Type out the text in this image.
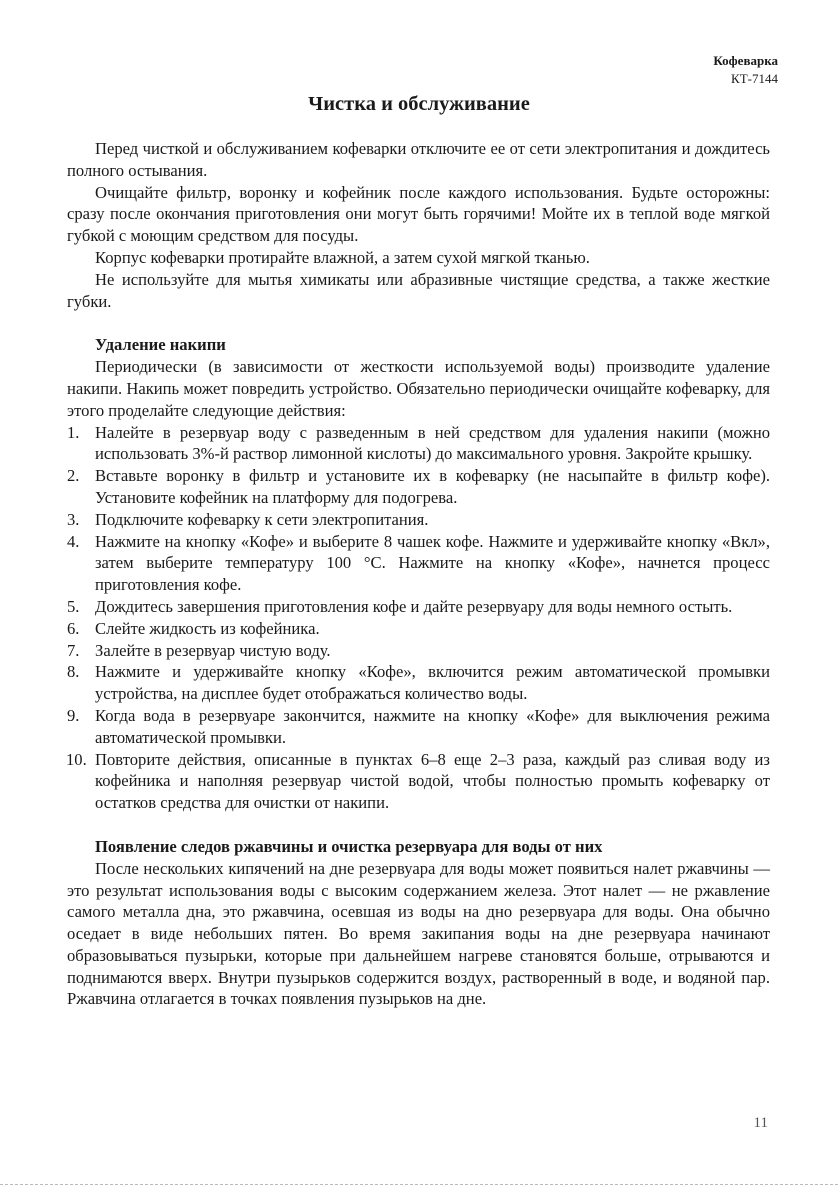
Кофеварка
КТ-7144
Чистка и обслуживание

Перед чисткой и обслуживанием кофеварки отключите ее от сети электропитания и дождитесь полного остывания.

Очищайте фильтр, воронку и кофейник после каждого использования. Будьте осторожны: сразу после окончания приготовления они могут быть горячими! Мойте их в теплой воде мягкой губкой с моющим средством для посуды.

Корпус кофеварки протирайте влажной, а затем сухой мягкой тканью.

Не используйте для мытья химикаты или абразивные чистящие средства, а также жесткие губки.

Удаление накипи

Периодически (в зависимости от жесткости используемой воды) производите удаление накипи. Накипь может повредить устройство. Обязательно периодически очищайте кофеварку, для этого проделайте следующие действия:

1. Налейте в резервуар воду с разведенным в ней средством для удаления накипи (можно использовать 3%-й раствор лимонной кислоты) до максимального уровня. Закройте крышку.
2. Вставьте воронку в фильтр и установите их в кофеварку (не насыпайте в фильтр кофе). Установите кофейник на платформу для подогрева.
3. Подключите кофеварку к сети электропитания.
4. Нажмите на кнопку «Кофе» и выберите 8 чашек кофе. Нажмите и удерживайте кнопку «Вкл», затем выберите температуру 100 °С. Нажмите на кнопку «Кофе», начнется процесс приготовления кофе.
5. Дождитесь завершения приготовления кофе и дайте резервуару для воды немного остыть.
6. Слейте жидкость из кофейника.
7. Залейте в резервуар чистую воду.
8. Нажмите и удерживайте кнопку «Кофе», включится режим автоматической промывки устройства, на дисплее будет отображаться количество воды.
9. Когда вода в резервуаре закончится, нажмите на кнопку «Кофе» для выключения режима автоматической промывки.
10. Повторите действия, описанные в пунктах 6–8 еще 2–3 раза, каждый раз сливая воду из кофейника и наполняя резервуар чистой водой, чтобы полностью промыть кофеварку от остатков средства для очистки от накипи.
Появление следов ржавчины и очистка резервуара для воды от них

После нескольких кипячений на дне резервуара для воды может появиться налет ржавчины — это результат использования воды с высоким содержанием железа. Этот налет — не ржавление самого металла дна, это ржавчина, осевшая из воды на дно резервуара для воды. Она обычно оседает в виде небольших пятен. Во время закипания воды на дне резервуара начинают образовываться пузырьки, которые при дальнейшем нагреве становятся больше, отрываются и поднимаются вверх. Внутри пузырьков содержится воздух, растворенный в воде, и водяной пар. Ржавчина отлагается в точках появления пузырьков на дне.

11
